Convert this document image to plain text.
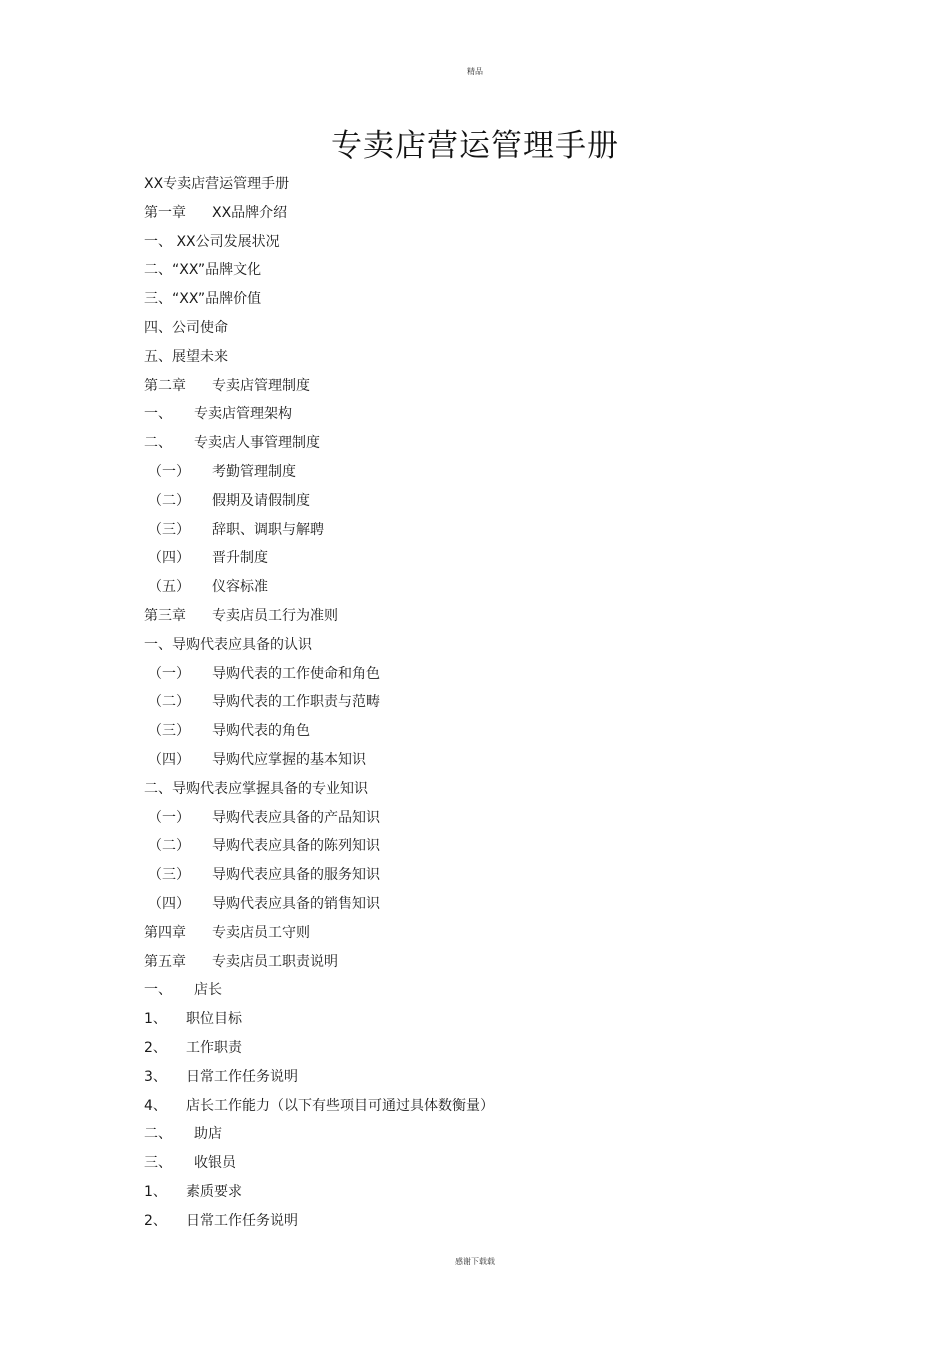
精品
专卖店营运管理手册
XX专卖店营运管理手册
第一章	XX品牌介绍
一、 XX公司发展状况
二、“XX”品牌文化
三、“XX”品牌价值
四、公司使命
五、展望未来
第二章	专卖店管理制度
一、	专卖店管理架构
二、	专卖店人事管理制度
（一）	考勤管理制度
（二）	假期及请假制度
（三）	辞职、调职与解聘
（四）	晋升制度
（五）	仪容标准
第三章	专卖店员工行为准则
一、导购代表应具备的认识
（一）	导购代表的工作使命和角色
（二）	导购代表的工作职责与范畴
（三）	导购代表的角色
（四）	导购代应掌握的基本知识
二、导购代表应掌握具备的专业知识
（一）	导购代表应具备的产品知识
（二）	导购代表应具备的陈列知识
（三）	导购代表应具备的服务知识
（四）	导购代表应具备的销售知识
第四章	专卖店员工守则
第五章	专卖店员工职责说明
一、	店长
1、	职位目标
2、	工作职责
3、	日常工作任务说明
4、	店长工作能力（以下有些项目可通过具体数衡量）
二、	助店
三、	收银员
1、	素质要求
2、	日常工作任务说明
感谢下载载
